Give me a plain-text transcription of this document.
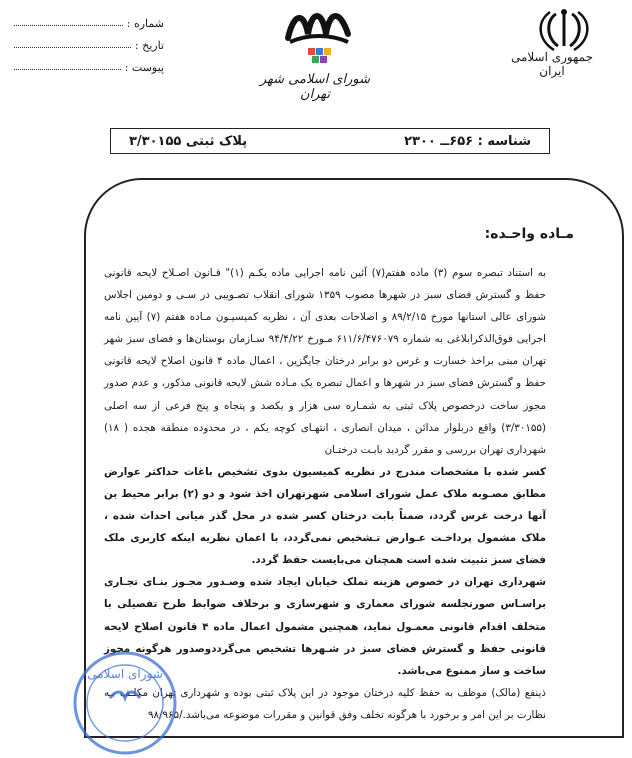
شماره :
تاریخ :
پیوست :
شورای اسلامی شهر تهران
جمهوری اسلامی ایران
شناسه : ۶۵۶ــ ۲۳۰۰
پلاک ثبتی ۳/۳۰۱۵۵
مـاده واحـده:

به استناد تبصره سوم (۳) ماده هفتم(۷) آئین نامه اجرایی ماده یکـم (۱)" قـانون اصـلاح لایحه قانونی حفظ و گسترش فضای سبز در شهرها مصوب ۱۳۵۹ شورای انقلاب تصـویبی در سـی و دومین اجلاس شورای عالی استانها مورخ ۸۹/۲/۱۵ و اصلاحات بعدی آن ، نظریه کمیسیـون مـاده هفتم (۷) آیین نامه اجرایی فوق‌الذکرابلاغی به شماره ۶۱۱/۶/۴۷۶۰۷۹ مـورخ ۹۴/۴/۲۲ سـازمان بوستان‌ها و فضای سبز شهر تهران مبنی براخذ خسارت و غرس دو برابر درختان جایگزین ، اعمال ماده ۴ قانون اصلاح لایحه قانونی حفظ و گسترش فضای سبز در شهرها و اعمال تبصره یک مـاده شش لایحه قانونی مذکور، و عدم صدور مجوز ساخت درخصوص پلاک ثبتی به شمـاره سی هزار و یکصد و پنجاه و پنج فرعی از سه اصلی (۳/۳۰۱۵۵) واقع دربلوار مدائن ، میدان انصاری ، انتهـای کوچه یکم ، در محدوده منطقه هجده ( ۱۸) شهرداری تهران بررسی و مقرر گردید بابـت درختـان

کسر شده با مشخصات مندرج در نظریه کمیسیون بدوی تشخیص باغات حداکثر عوارض مطابق مصـوبه ملاک عمل شورای اسلامی شهرتهران اخذ شود و دو (۲) برابر محیط بن آنها درخت غرس گردد، ضمناً بابت درختان کسر شده در محل گذر میانی احداث شده ، ملاک مشمول پرداخـت عـوارض تـشخیص نمی‌گردد، با اعمان نظریه اینکه کاربری ملک فضای سبز تثبیت شده است همچنان می‌بایست حفظ گردد.

شهرداری تهران در خصوص هزینه تملک خیابان ایجاد شده وصـدور مجـوز بنـای تجـاری براسـاس صورتجلسه شورای معماری و شهرسازی و برخلاف ضوابط طرح تفصیلی با متخلف اقدام قانونی معمـول نماید، همچنین مشمول اعمال ماده ۴ قانون اصلاح لایحه قانونی حفظ و گسترش فضای سبز در شـهرها تشخیص می‌گرددوصدور هرگونه مجوز ساخت و ساز ممنوع می‌باشد.

ذینفع (مالک) موظف به حفظ کلیه درختان موجود در این پلاک ثبتی بوده و شهرداری تهران مکلـف بـه نظارت بر این امر و برخورد با هرگونه تخلف وفق قوانین و مقررات موضوعه می‌باشد./۹۸/۹۶۵

شورای اسلامی
